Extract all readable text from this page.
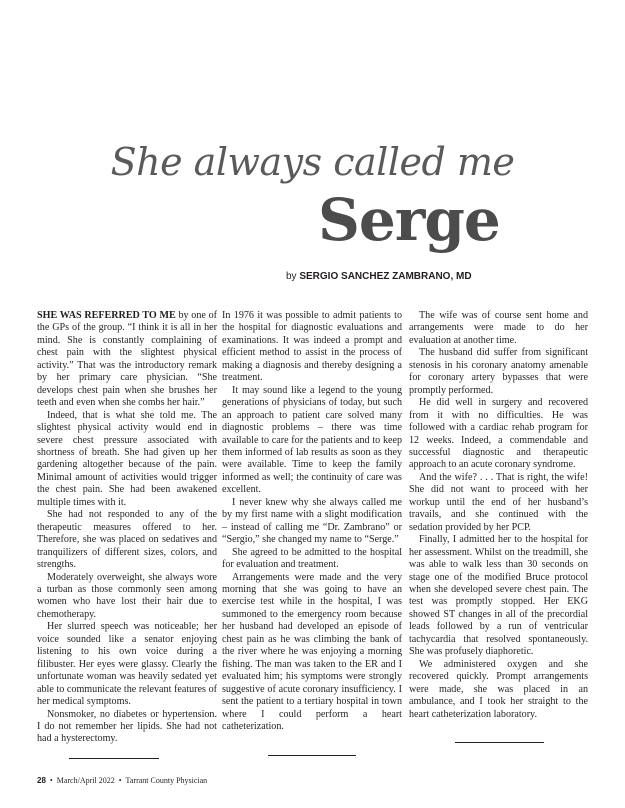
She always called me
Serge
by SERGIO SANCHEZ ZAMBRANO, MD

SHE WAS REFERRED TO ME by one of the GPs of the group. “I think it is all in her mind. She is constantly complaining of chest pain with the slightest physical activity.” That was the introductory remark by her primary care physician. “She develops chest pain when she brushes her teeth and even when she combs her hair.”

Indeed, that is what she told me. The slightest physical activity would end in severe chest pressure associated with shortness of breath. She had given up her gardening altogether because of the pain. Minimal amount of activities would trigger the chest pain. She had been awakened multiple times with it.

She had not responded to any of the therapeutic measures offered to her. Therefore, she was placed on sedatives and tranquilizers of different sizes, colors, and strengths.

Moderately overweight, she always wore a turban as those commonly seen among women who have lost their hair due to chemotherapy.

Her slurred speech was noticeable; her voice sounded like a senator enjoying listening to his own voice during a filibuster. Her eyes were glassy. Clearly the unfortunate woman was heavily sedated yet able to communicate the relevant features of her medical symptoms.

Nonsmoker, no diabetes or hypertension. I do not remember her lipids. She had not had a hysterectomy.

In 1976 it was possible to admit patients to the hospital for diagnostic evaluations and examinations. It was indeed a prompt and efficient method to assist in the process of making a diagnosis and thereby designing a treatment.

It may sound like a legend to the young generations of physicians of today, but such an approach to patient care solved many diagnostic problems – there was time available to care for the patients and to keep them informed of lab results as soon as they were available. Time to keep the family informed as well; the continuity of care was excellent.

I never knew why she always called me by my first name with a slight modification – instead of calling me “Dr. Zambrano” or “Sergio,” she changed my name to “Serge.”

She agreed to be admitted to the hospital for evaluation and treatment.

Arrangements were made and the very morning that she was going to have an exercise test while in the hospital, I was summoned to the emergency room because her husband had developed an episode of chest pain as he was climbing the bank of the river where he was enjoying a morning fishing. The man was taken to the ER and I evaluated him; his symptoms were strongly suggestive of acute coronary insufficiency. I sent the patient to a tertiary hospital in town where I could perform a heart catheterization.

The wife was of course sent home and arrangements were made to do her evaluation at another time.

The husband did suffer from significant stenosis in his coronary anatomy amenable for coronary artery bypasses that were promptly performed.

He did well in surgery and recovered from it with no difficulties. He was followed with a cardiac rehab program for 12 weeks. Indeed, a commendable and successful diagnostic and therapeutic approach to an acute coronary syndrome.

And the wife? . . . That is right, the wife! She did not want to proceed with her workup until the end of her husband’s travails, and she continued with the sedation provided by her PCP.

Finally, I admitted her to the hospital for her assessment. Whilst on the treadmill, she was able to walk less than 30 seconds on stage one of the modified Bruce protocol when she developed severe chest pain. The test was promptly stopped. Her EKG showed ST changes in all of the precordial leads followed by a run of ventricular tachycardia that resolved spontaneously. She was profusely diaphoretic.

We administered oxygen and she recovered quickly. Prompt arrangements were made, she was placed in an ambulance, and I took her straight to the heart catheterization laboratory.

28 • March/April 2022 • Tarrant County Physician
